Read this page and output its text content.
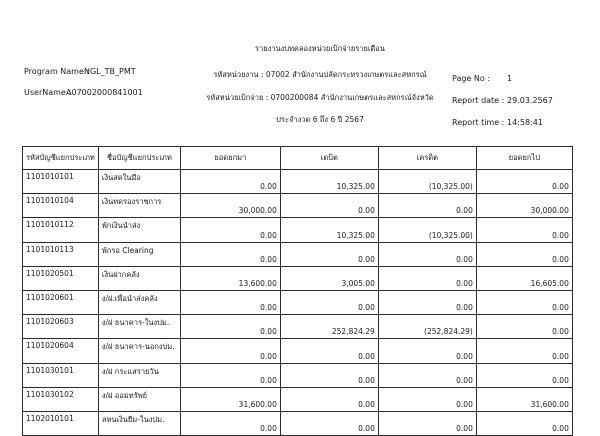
รายงานงบทดลองหน่วยเบิกจ่ายรายเดือน
รหัสหน่วยงาน : 07002 สำนักงานปลัดกระทรวงเกษตรและสหกรณ์
รหัสหน่วยเบิกจ่าย : 0700200084 สำนักงานเกษตรและสหกรณ์จังหวัด
ประจำงวด 6 ถึง 6 ปี 2567
Program Name :
NGL_TB_PMT
UserName :
A07002000841001
Page No : 1
Report date : 29.03.2567
Report time : 14:58:41
รหัสบัญชีแยกประเภท	ชื่อบัญชีแยกประเภท	ยอดยกมา	เดบิต	เครดิต	ยอดยกไป
1101010101	เงินสดในมือ	0.00	10,325.00	(10,325.00)	0.00
1101010104	เงินทดรองราชการ	30,000.00	0.00	0.00	30,000.00
1101010112	พักเงินนำส่ง	0.00	10,325.00	(10,325.00)	0.00
1101010113	พักรอ Clearing	0.00	0.00	0.00	0.00
1101020501	เงินฝากคลัง	13,600.00	3,005.00	0.00	16,605.00
1101020601	ง/ฝ.เพื่อนำส่งคลัง	0.00	0.00	0.00	0.00
1101020603	ง/ฝ ธนาคาร-ในงปม.	0.00	252,824.29	(252,824.29)	0.00
1101020604	ง/ฝ ธนาคาร-นอกงปม.	0.00	0.00	0.00	0.00
1101030101	ง/ฝ กระแสรายวัน	0.00	0.00	0.00	0.00
1101030102	ง/ฝ ออมทรัพย์	31,600.00	0.00	0.00	31,600.00
1102010101	ลหนเงินยืม-ในงปม.	0.00	0.00	0.00	0.00
